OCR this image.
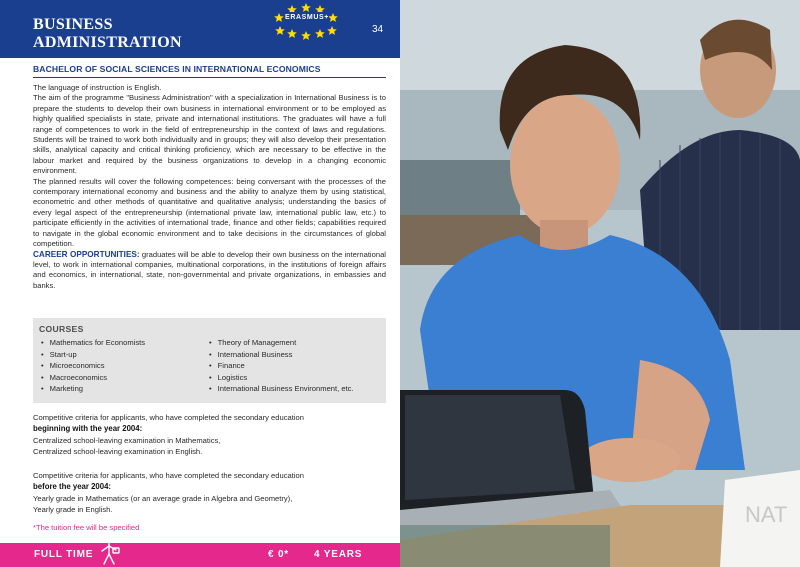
BUSINESS
ADMINISTRATION
ERASMUS+
34
BACHELOR OF SOCIAL SCIENCES IN INTERNATIONAL ECONOMICS

The language of instruction is English.

The aim of the programme "Business Administration" with a specialization in International Business is to prepare the students to develop their own business in international environment or to be employed as highly qualified specialists in state, private and international institutions. The graduates will have a full range of competences to work in the field of entrepreneurship in the context of laws and regulations. Students will be trained to work both individually and in groups; they will also develop their presentation skills, analytical capacity and critical thinking proficiency, which are necessary to be effective in the labour market and required by the business organizations to develop in a changing economic environment.

The planned results will cover the following competences: being conversant with the processes of the contemporary international economy and business and the ability to analyze them by using statistical, econometric and other methods of quantitative and qualitative analysis; understanding the basics of every legal aspect of the entrepreneurship (international private law, international public law, etc.) to participate efficiently in the activities of international trade, finance and other fields; capabilities required to navigate in the global economic environment and to take decisions in the circumstances of global competition.

CAREER OPPORTUNITIES: graduates will be able to develop their own business on the international level, to work in international companies, multinational corporations, in the institutions of foreign affairs and economics, in international, state, non-governmental and private organizations, in embassies and banks.

COURSES
• Mathematics for Economists
• Start-up
• Microeconomics
• Macroeconomics
• Marketing
• Theory of Management
• International Business
• Finance
• Logistics
• International Business Environment, etc.
Competitive criteria for applicants, who have completed the secondary education
beginning with the year 2004:
Centralized school-leaving examination in Mathematics,
Centralized school-leaving examination in English.
Competitive criteria for applicants, who have completed the secondary education
before the year 2004:
Yearly grade in Mathematics (or an average grade in Algebra and Geometry),
Yearly grade in English.
*The tuition fee will be specified
FULL TIME	€ 0*	4 YEARS
NAT
